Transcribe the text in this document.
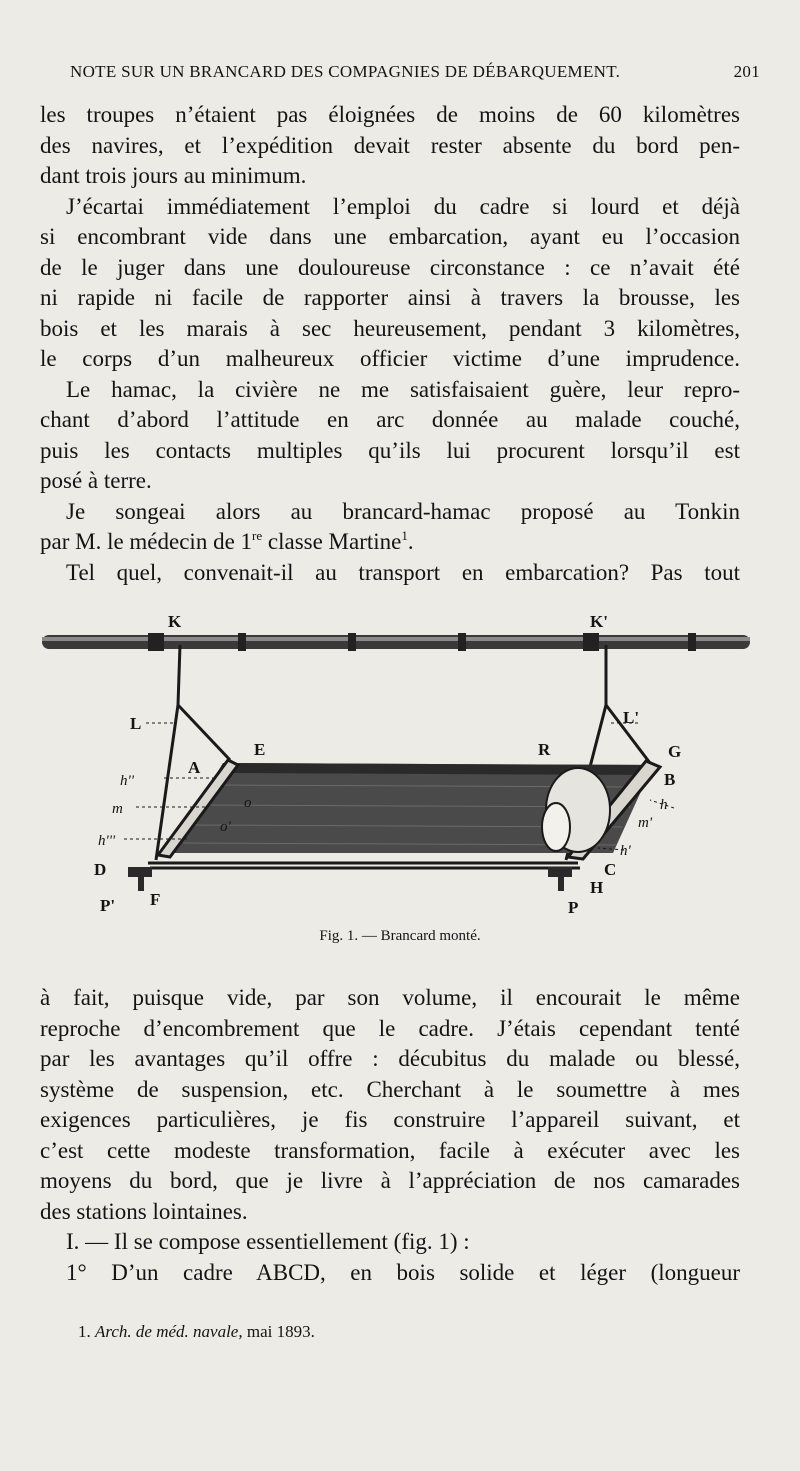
NOTE SUR UN BRANCARD DES COMPAGNIES DE DÉBARQUEMENT.	201
les troupes n’étaient pas éloignées de moins de 60 kilomètres
des navires, et l’expédition devait rester absente du bord pen-
dant trois jours au minimum.
J’écartai immédiatement l’emploi du cadre si lourd et déjà
si encombrant vide dans une embarcation, ayant eu l’occasion
de le juger dans une douloureuse circonstance : ce n’avait été
ni rapide ni facile de rapporter ainsi à travers la brousse, les
bois et les marais à sec heureusement, pendant 3 kilomètres,
le corps d’un malheureux officier victime d’une imprudence.
Le hamac, la civière ne me satisfaisaient guère, leur repro-
chant d’abord l’attitude en arc donnée au malade couché,
puis les contacts multiples qu’ils lui procurent lorsqu’il est
posé à terre.
Je songeai alors au brancard-hamac proposé au Tonkin
par M. le médecin de 1re classe Martine$^1$.
Tel quel, convenait-il au transport en embarcation? Pas tout
K	K'
L	L'
E	R	G
A
B
h''
m
h'''
o
o'
h
m'
h'
D	C
H
P' F	P
Fig. 1. — Brancard monté.
à fait, puisque vide, par son volume, il encourait le même
reproche d’encombrement que le cadre. J’étais cependant tenté
par les avantages qu’il offre : décubitus du malade ou blessé,
système de suspension, etc. Cherchant à le soumettre à mes
exigences particulières, je fis construire l’appareil suivant, et
c’est cette modeste transformation, facile à exécuter avec les
moyens du bord, que je livre à l’appréciation de nos camarades
des stations lointaines.
I. — Il se compose essentiellement (fig. 1) :
1° D’un cadre ABCD, en bois solide et léger (longueur
1. Arch. de méd. navale, mai 1893.
